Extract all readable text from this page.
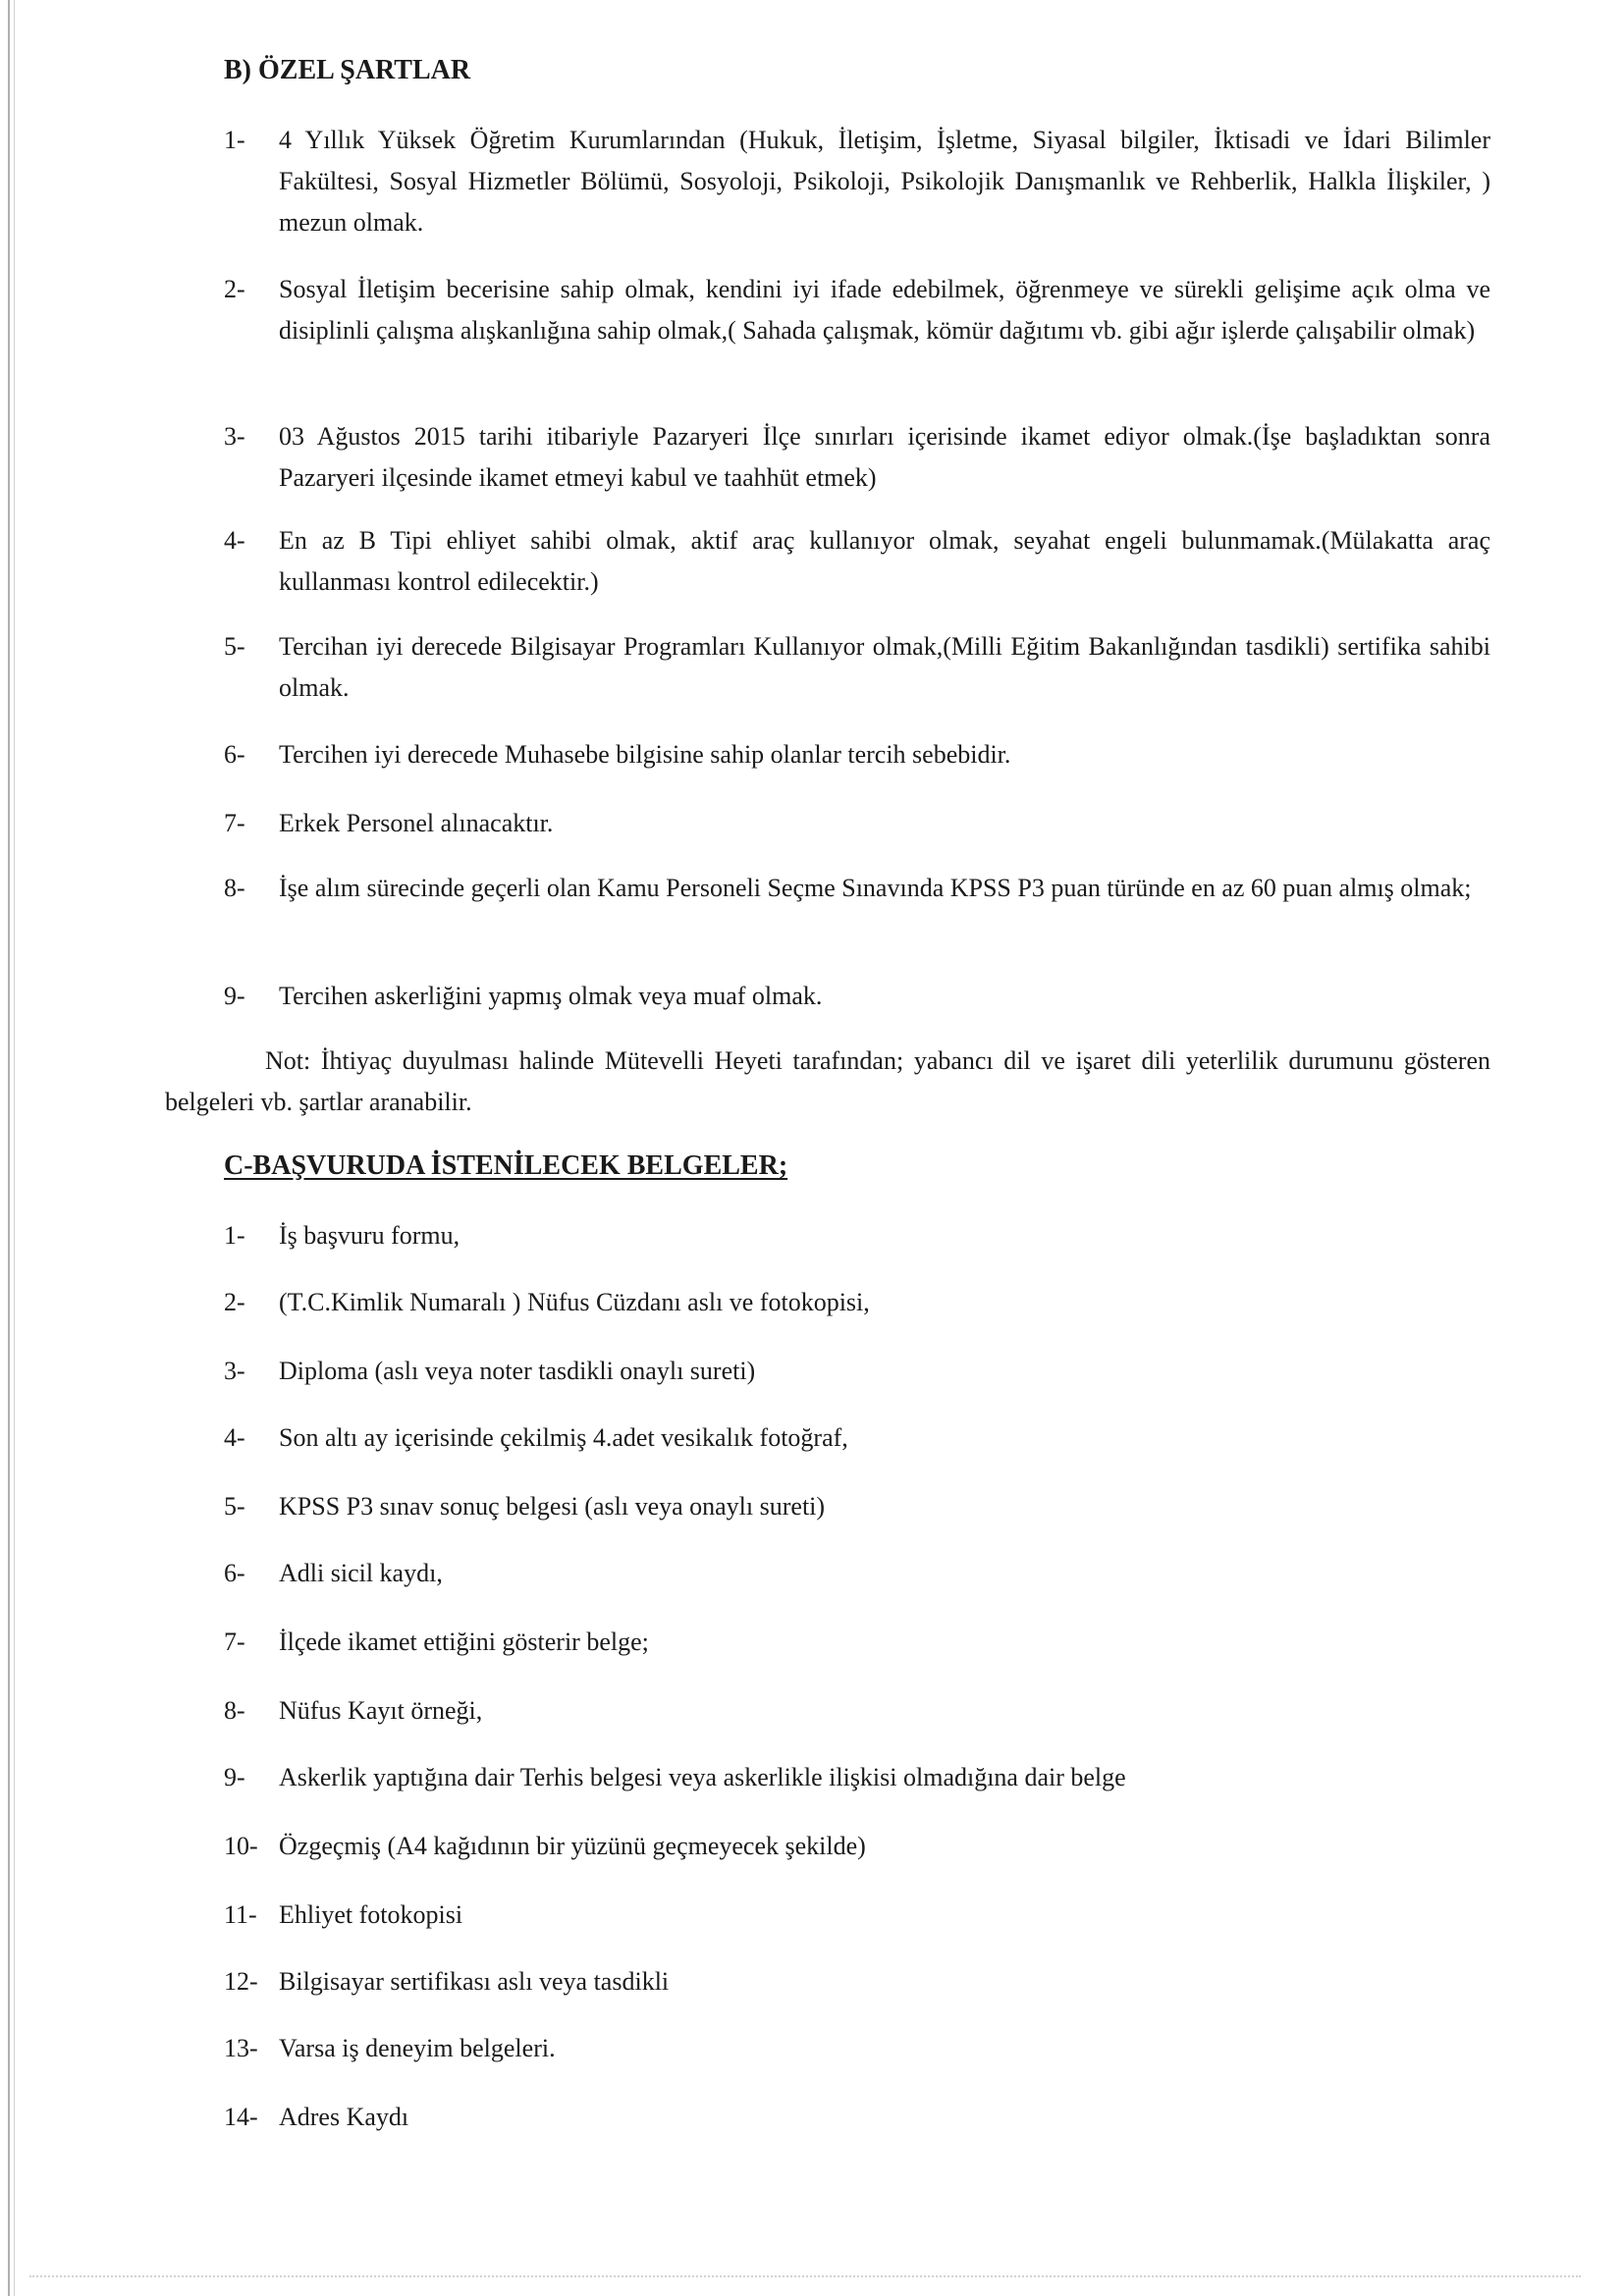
B) ÖZEL ŞARTLAR
1-	4 Yıllık Yüksek Öğretim Kurumlarından (Hukuk, İletişim, İşletme, Siyasal bilgiler, İktisadi ve İdari Bilimler Fakültesi, Sosyal Hizmetler Bölümü, Sosyoloji, Psikoloji, Psikolojik Danışmanlık ve Rehberlik, Halkla İlişkiler, ) mezun olmak.
2-	Sosyal İletişim becerisine sahip olmak, kendini iyi ifade edebilmek, öğrenmeye ve sürekli gelişime açık olma ve disiplinli çalışma alışkanlığına sahip olmak,( Sahada çalışmak, kömür dağıtımı vb. gibi ağır işlerde çalışabilir olmak)
3-	03 Ağustos 2015 tarihi itibariyle Pazaryeri İlçe sınırları içerisinde ikamet ediyor olmak.(İşe başladıktan sonra Pazaryeri ilçesinde ikamet etmeyi kabul ve taahhüt etmek)
4-	En az B Tipi ehliyet sahibi olmak, aktif araç kullanıyor olmak, seyahat engeli bulunmamak.(Mülakatta araç kullanması kontrol edilecektir.)
5-	Tercihan iyi derecede Bilgisayar Programları Kullanıyor olmak,(Milli Eğitim Bakanlığından tasdikli) sertifika sahibi olmak.
6-	Tercihen iyi derecede Muhasebe bilgisine sahip olanlar tercih sebebidir.
7-	Erkek Personel alınacaktır.
8-	İşe alım sürecinde geçerli olan Kamu Personeli Seçme Sınavında KPSS P3 puan türünde en az 60 puan almış olmak;
9-	Tercihen askerliğini yapmış olmak veya muaf olmak.
Not: İhtiyaç duyulması halinde Mütevelli Heyeti tarafından; yabancı dil ve işaret dili yeterlilik durumunu gösteren belgeleri vb. şartlar aranabilir.
C-BAŞVURUDA İSTENİLECEK BELGELER;
1-	İş başvuru formu,
2-	(T.C.Kimlik Numaralı ) Nüfus Cüzdanı aslı ve fotokopisi,
3-	Diploma (aslı veya noter tasdikli onaylı sureti)
4-	Son altı ay içerisinde çekilmiş 4.adet vesikalık fotoğraf,
5-	KPSS P3 sınav sonuç belgesi (aslı veya onaylı sureti)
6-	Adli sicil kaydı,
7-	İlçede ikamet ettiğini gösterir belge;
8-	Nüfus Kayıt örneği,
9-	Askerlik yaptığına dair Terhis belgesi veya askerlikle ilişkisi olmadığına dair belge
10- Özgeçmiş (A4 kağıdının bir yüzünü geçmeyecek şekilde)
11- Ehliyet fotokopisi
12- Bilgisayar sertifikası aslı veya tasdikli
13- Varsa iş deneyim belgeleri.
14- Adres Kaydı
